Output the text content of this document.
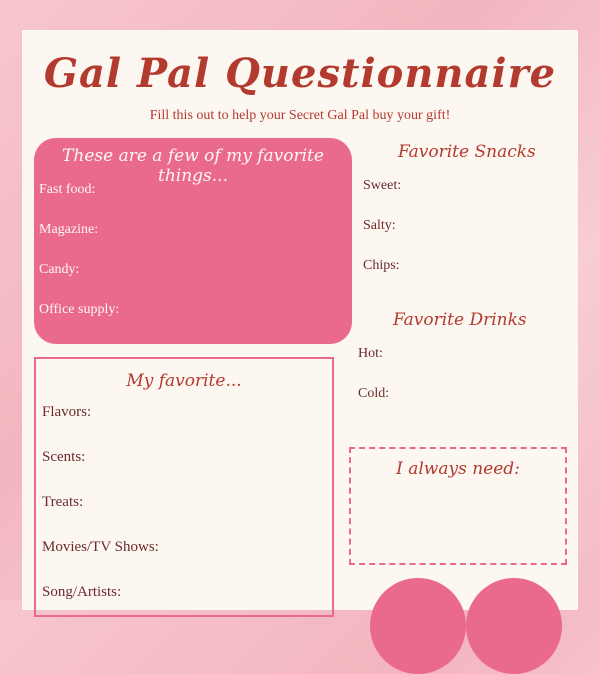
Gal Pal Questionnaire

Fill this out to help your Secret Gal Pal buy your gift!

These are a few of my favorite things...
Fast food:
Magazine:
Candy:
Office supply:
Favorite Snacks
Sweet:
Salty:
Chips:
Favorite Drinks
Hot:
Cold:
My favorite...
Flavors:
Scents:
Treats:
Movies/TV Shows:
Song/Artists:
I always need:
